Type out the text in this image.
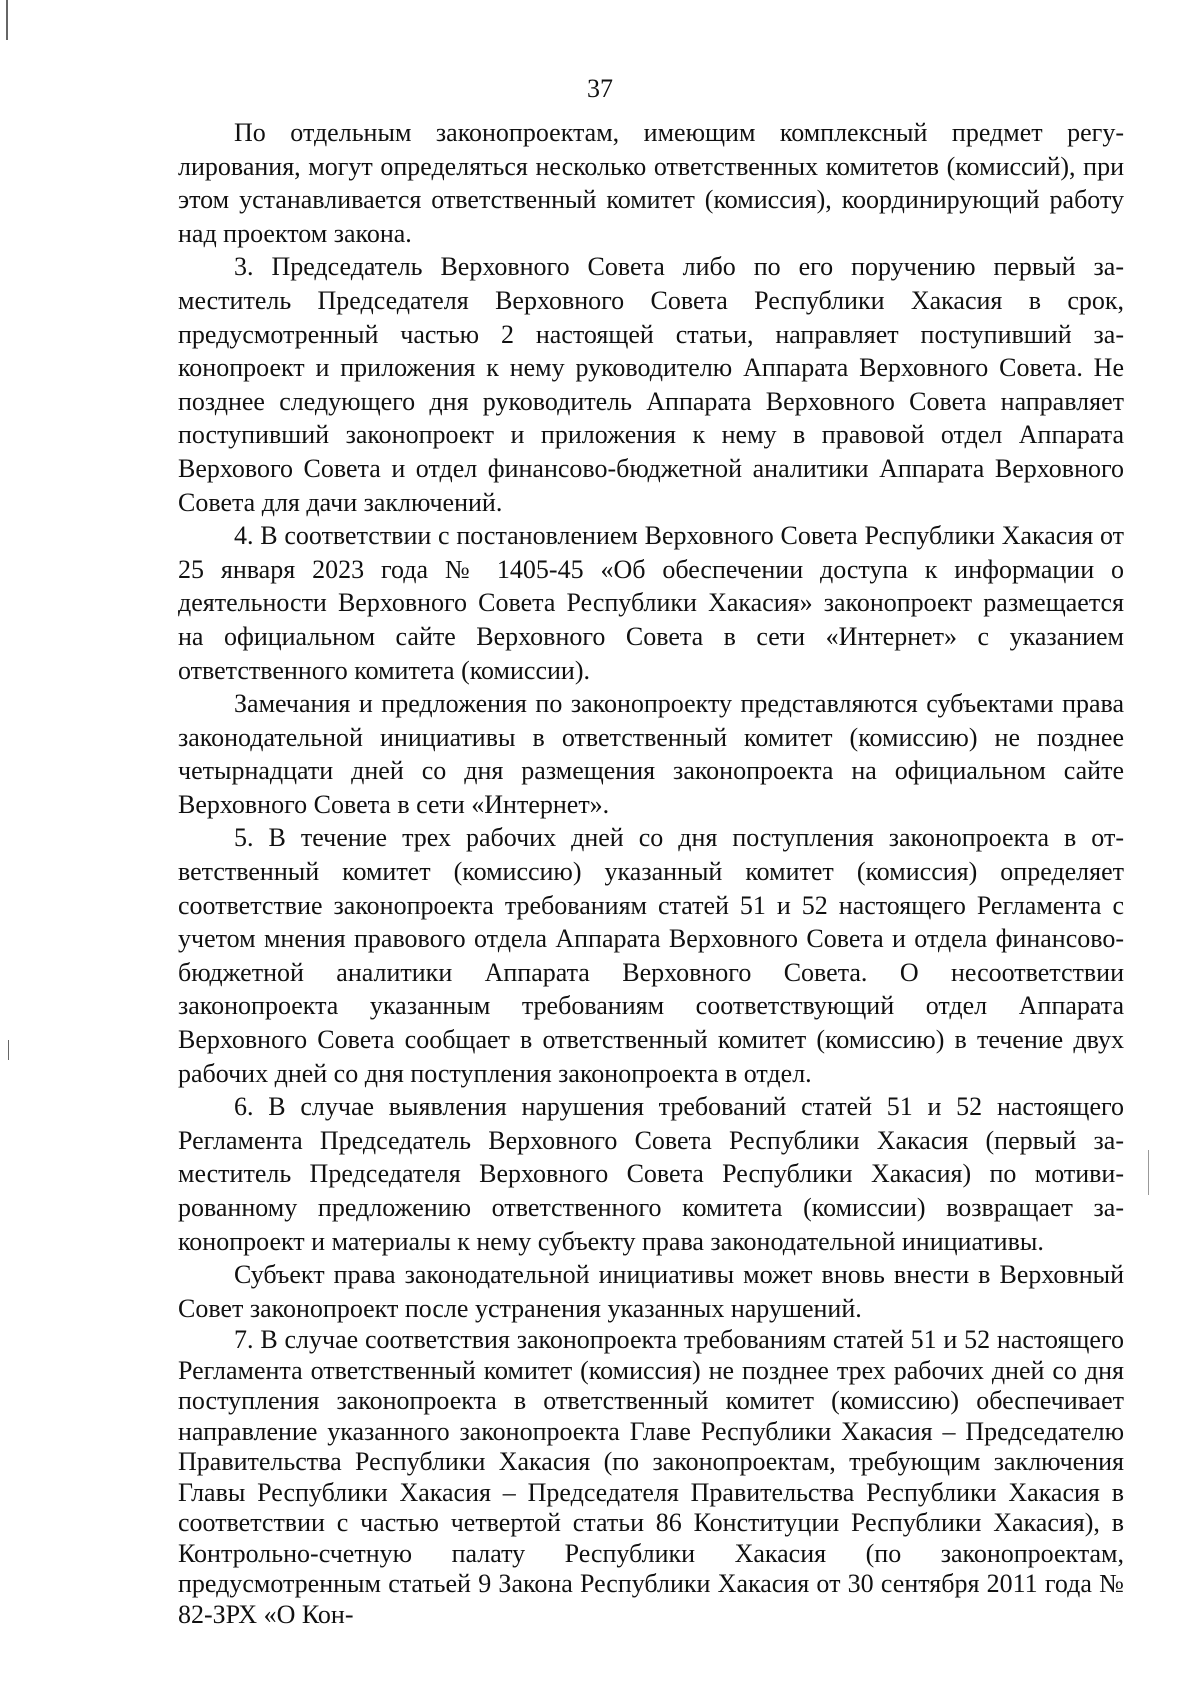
37

По отдельным законопроектам, имеющим комплексный предмет регулирования, могут определяться несколько ответственных комитетов (комиссий), при этом устанавливается ответственный комитет (комиссия), координирующий работу над проектом закона.

3. Председатель Верховного Совета либо по его поручению первый заместитель Председателя Верховного Совета Республики Хакасия в срок, предусмотренный частью 2 настоящей статьи, направляет поступивший законопроект и приложения к нему руководителю Аппарата Верховного Совета. Не позднее следующего дня руководитель Аппарата Верховного Совета направляет поступивший законопроект и приложения к нему в правовой отдел Аппарата Верхового Совета и отдел финансово-бюджетной аналитики Аппарата Верховного Совета для дачи заключений.

4. В соответствии с постановлением Верховного Совета Республики Хакасия от 25 января 2023 года № 1405-45 «Об обеспечении доступа к информации о деятельности Верховного Совета Республики Хакасия» законопроект размещается на официальном сайте Верховного Совета в сети «Интернет» с указанием ответственного комитета (комиссии).

Замечания и предложения по законопроекту представляются субъектами права законодательной инициативы в ответственный комитет (комиссию) не позднее четырнадцати дней со дня размещения законопроекта на официальном сайте Верховного Совета в сети «Интернет».

5. В течение трех рабочих дней со дня поступления законопроекта в ответственный комитет (комиссию) указанный комитет (комиссия) определяет соответствие законопроекта требованиям статей 51 и 52 настоящего Регламента с учетом мнения правового отдела Аппарата Верховного Совета и отдела финансово-бюджетной аналитики Аппарата Верховного Совета. О несоответствии законопроекта указанным требованиям соответствующий отдел Аппарата Верховного Совета сообщает в ответственный комитет (комиссию) в течение двух рабочих дней со дня поступления законопроекта в отдел.

6. В случае выявления нарушения требований статей 51 и 52 настоящего Регламента Председатель Верховного Совета Республики Хакасия (первый заместитель Председателя Верховного Совета Республики Хакасия) по мотивированному предложению ответственного комитета (комиссии) возвращает законопроект и материалы к нему субъекту права законодательной инициативы.

Субъект права законодательной инициативы может вновь внести в Верховный Совет законопроект после устранения указанных нарушений.

7. В случае соответствия законопроекта требованиям статей 51 и 52 настоящего Регламента ответственный комитет (комиссия) не позднее трех рабочих дней со дня поступления законопроекта в ответственный комитет (комиссию) обеспечивает направление указанного законопроекта Главе Республики Хакасия – Председателю Правительства Республики Хакасия (по законопроектам, требующим заключения Главы Республики Хакасия – Председателя Правительства Республики Хакасия в соответствии с частью четвертой статьи 86 Конституции Республики Хакасия), в Контрольно-счетную палату Республики Хакасия (по законопроектам, предусмотренным статьей 9 Закона Республики Хакасия от 30 сентября 2011 года № 82-ЗРХ «О Кон-
